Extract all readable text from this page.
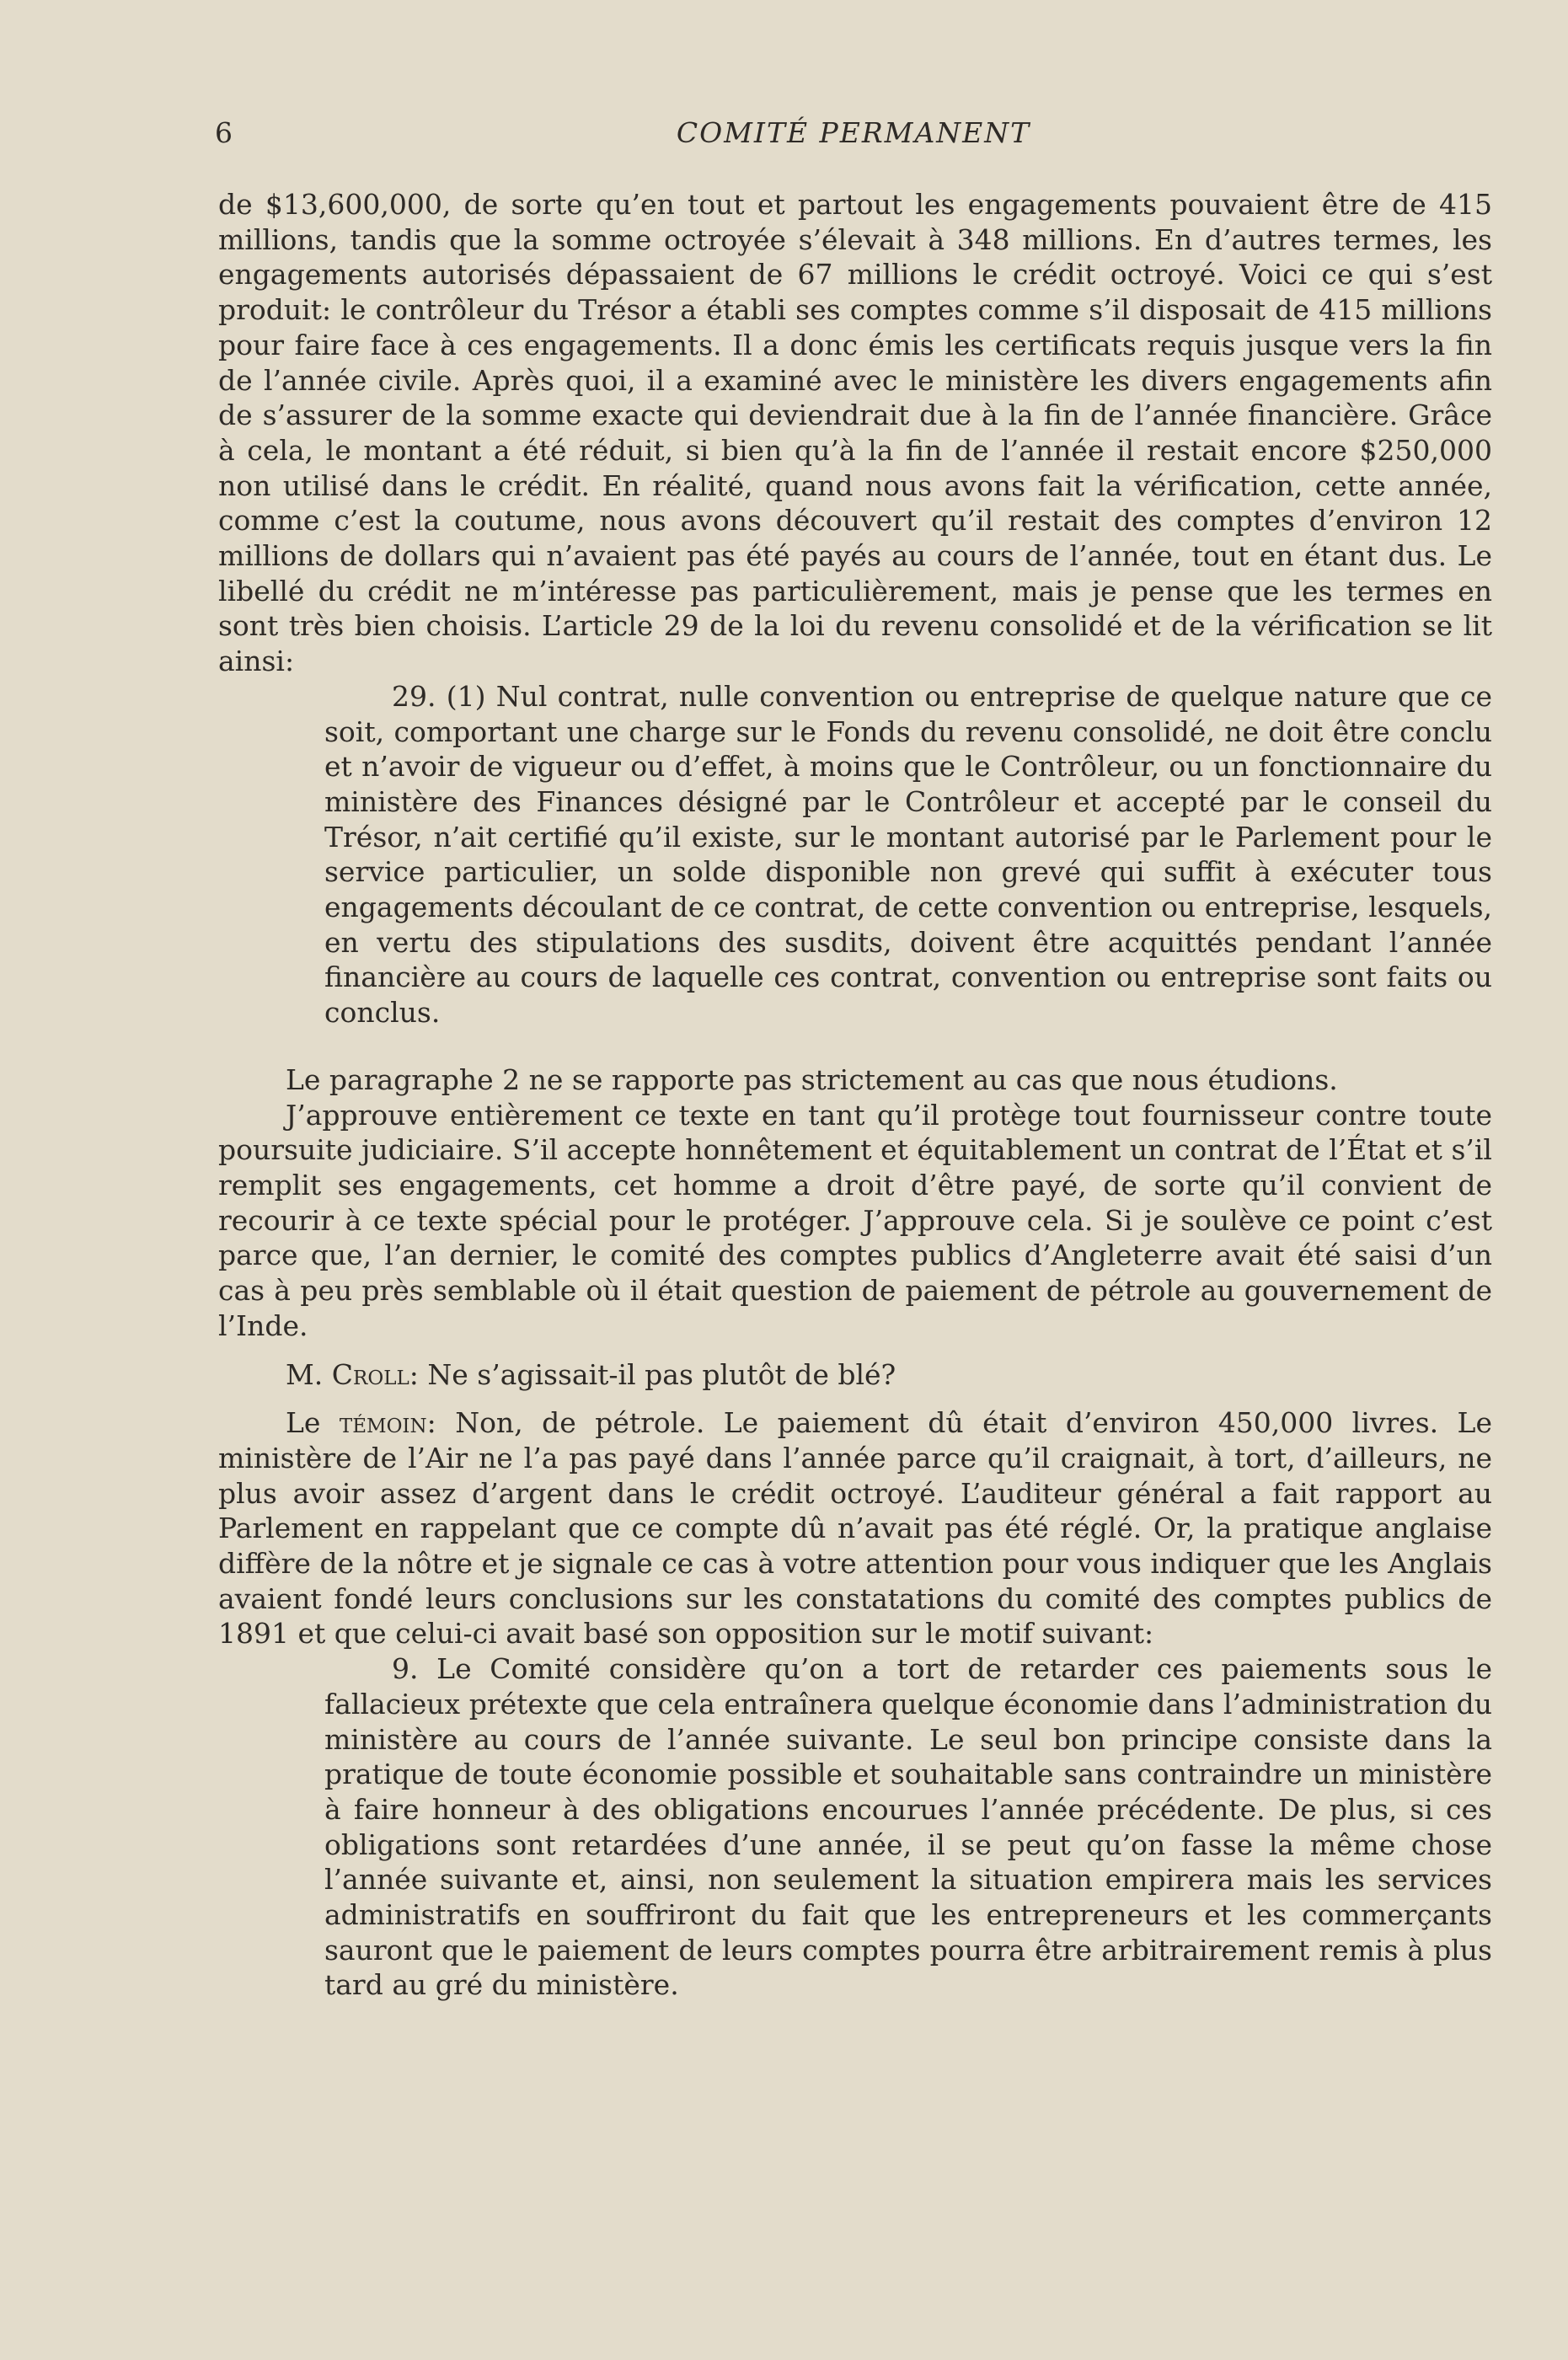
6	COMITÉ PERMANENT

de $13,600,000, de sorte qu’en tout et partout les engagements pouvaient être de 415 millions, tandis que la somme octroyée s’élevait à 348 millions. En d’autres termes, les engagements autorisés dépassaient de 67 millions le crédit octroyé. Voici ce qui s’est produit: le contrôleur du Trésor a établi ses comptes comme s’il disposait de 415 millions pour faire face à ces engagements. Il a donc émis les certificats requis jusque vers la fin de l’année civile. Après quoi, il a examiné avec le ministère les divers engagements afin de s’assurer de la somme exacte qui deviendrait due à la fin de l’année financière. Grâce à cela, le montant a été réduit, si bien qu’à la fin de l’année il restait encore $250,000 non utilisé dans le crédit. En réalité, quand nous avons fait la vérification, cette année, comme c’est la coutume, nous avons découvert qu’il restait des comptes d’environ 12 millions de dollars qui n’avaient pas été payés au cours de l’année, tout en étant dus. Le libellé du crédit ne m’intéresse pas particulièrement, mais je pense que les termes en sont très bien choisis. L’article 29 de la loi du revenu consolidé et de la vérification se lit ainsi:

29. (1) Nul contrat, nulle convention ou entreprise de quelque nature que ce soit, comportant une charge sur le Fonds du revenu consolidé, ne doit être conclu et n’avoir de vigueur ou d’effet, à moins que le Contrôleur, ou un fonctionnaire du ministère des Finances désigné par le Contrôleur et accepté par le conseil du Trésor, n’ait certifié qu’il existe, sur le montant autorisé par le Parlement pour le service particulier, un solde disponible non grevé qui suffit à exécuter tous engagements découlant de ce contrat, de cette convention ou entreprise, lesquels, en vertu des stipulations des susdits, doivent être acquittés pendant l’année financière au cours de laquelle ces contrat, convention ou entreprise sont faits ou conclus.

Le paragraphe 2 ne se rapporte pas strictement au cas que nous étudions.

J’approuve entièrement ce texte en tant qu’il protège tout fournisseur contre toute poursuite judiciaire. S’il accepte honnêtement et équitablement un contrat de l’État et s’il remplit ses engagements, cet homme a droit d’être payé, de sorte qu’il convient de recourir à ce texte spécial pour le protéger. J’approuve cela. Si je soulève ce point c’est parce que, l’an dernier, le comité des comptes publics d’Angleterre avait été saisi d’un cas à peu près semblable où il était question de paiement de pétrole au gouvernement de l’Inde.

M. Croll: Ne s’agissait-il pas plutôt de blé?

Le témoin: Non, de pétrole. Le paiement dû était d’environ 450,000 livres. Le ministère de l’Air ne l’a pas payé dans l’année parce qu’il craignait, à tort, d’ailleurs, ne plus avoir assez d’argent dans le crédit octroyé. L’auditeur général a fait rapport au Parlement en rappelant que ce compte dû n’avait pas été réglé. Or, la pratique anglaise diffère de la nôtre et je signale ce cas à votre attention pour vous indiquer que les Anglais avaient fondé leurs conclusions sur les constatations du comité des comptes publics de 1891 et que celui-ci avait basé son opposition sur le motif suivant:

9. Le Comité considère qu’on a tort de retarder ces paiements sous le fallacieux prétexte que cela entraînera quelque économie dans l’administration du ministère au cours de l’année suivante. Le seul bon principe consiste dans la pratique de toute économie possible et souhaitable sans contraindre un ministère à faire honneur à des obligations encourues l’année précédente. De plus, si ces obligations sont retardées d’une année, il se peut qu’on fasse la même chose l’année suivante et, ainsi, non seulement la situation empirera mais les services administratifs en souffriront du fait que les entrepreneurs et les commerçants sauront que le paiement de leurs comptes pourra être arbitrairement remis à plus tard au gré du ministère.
